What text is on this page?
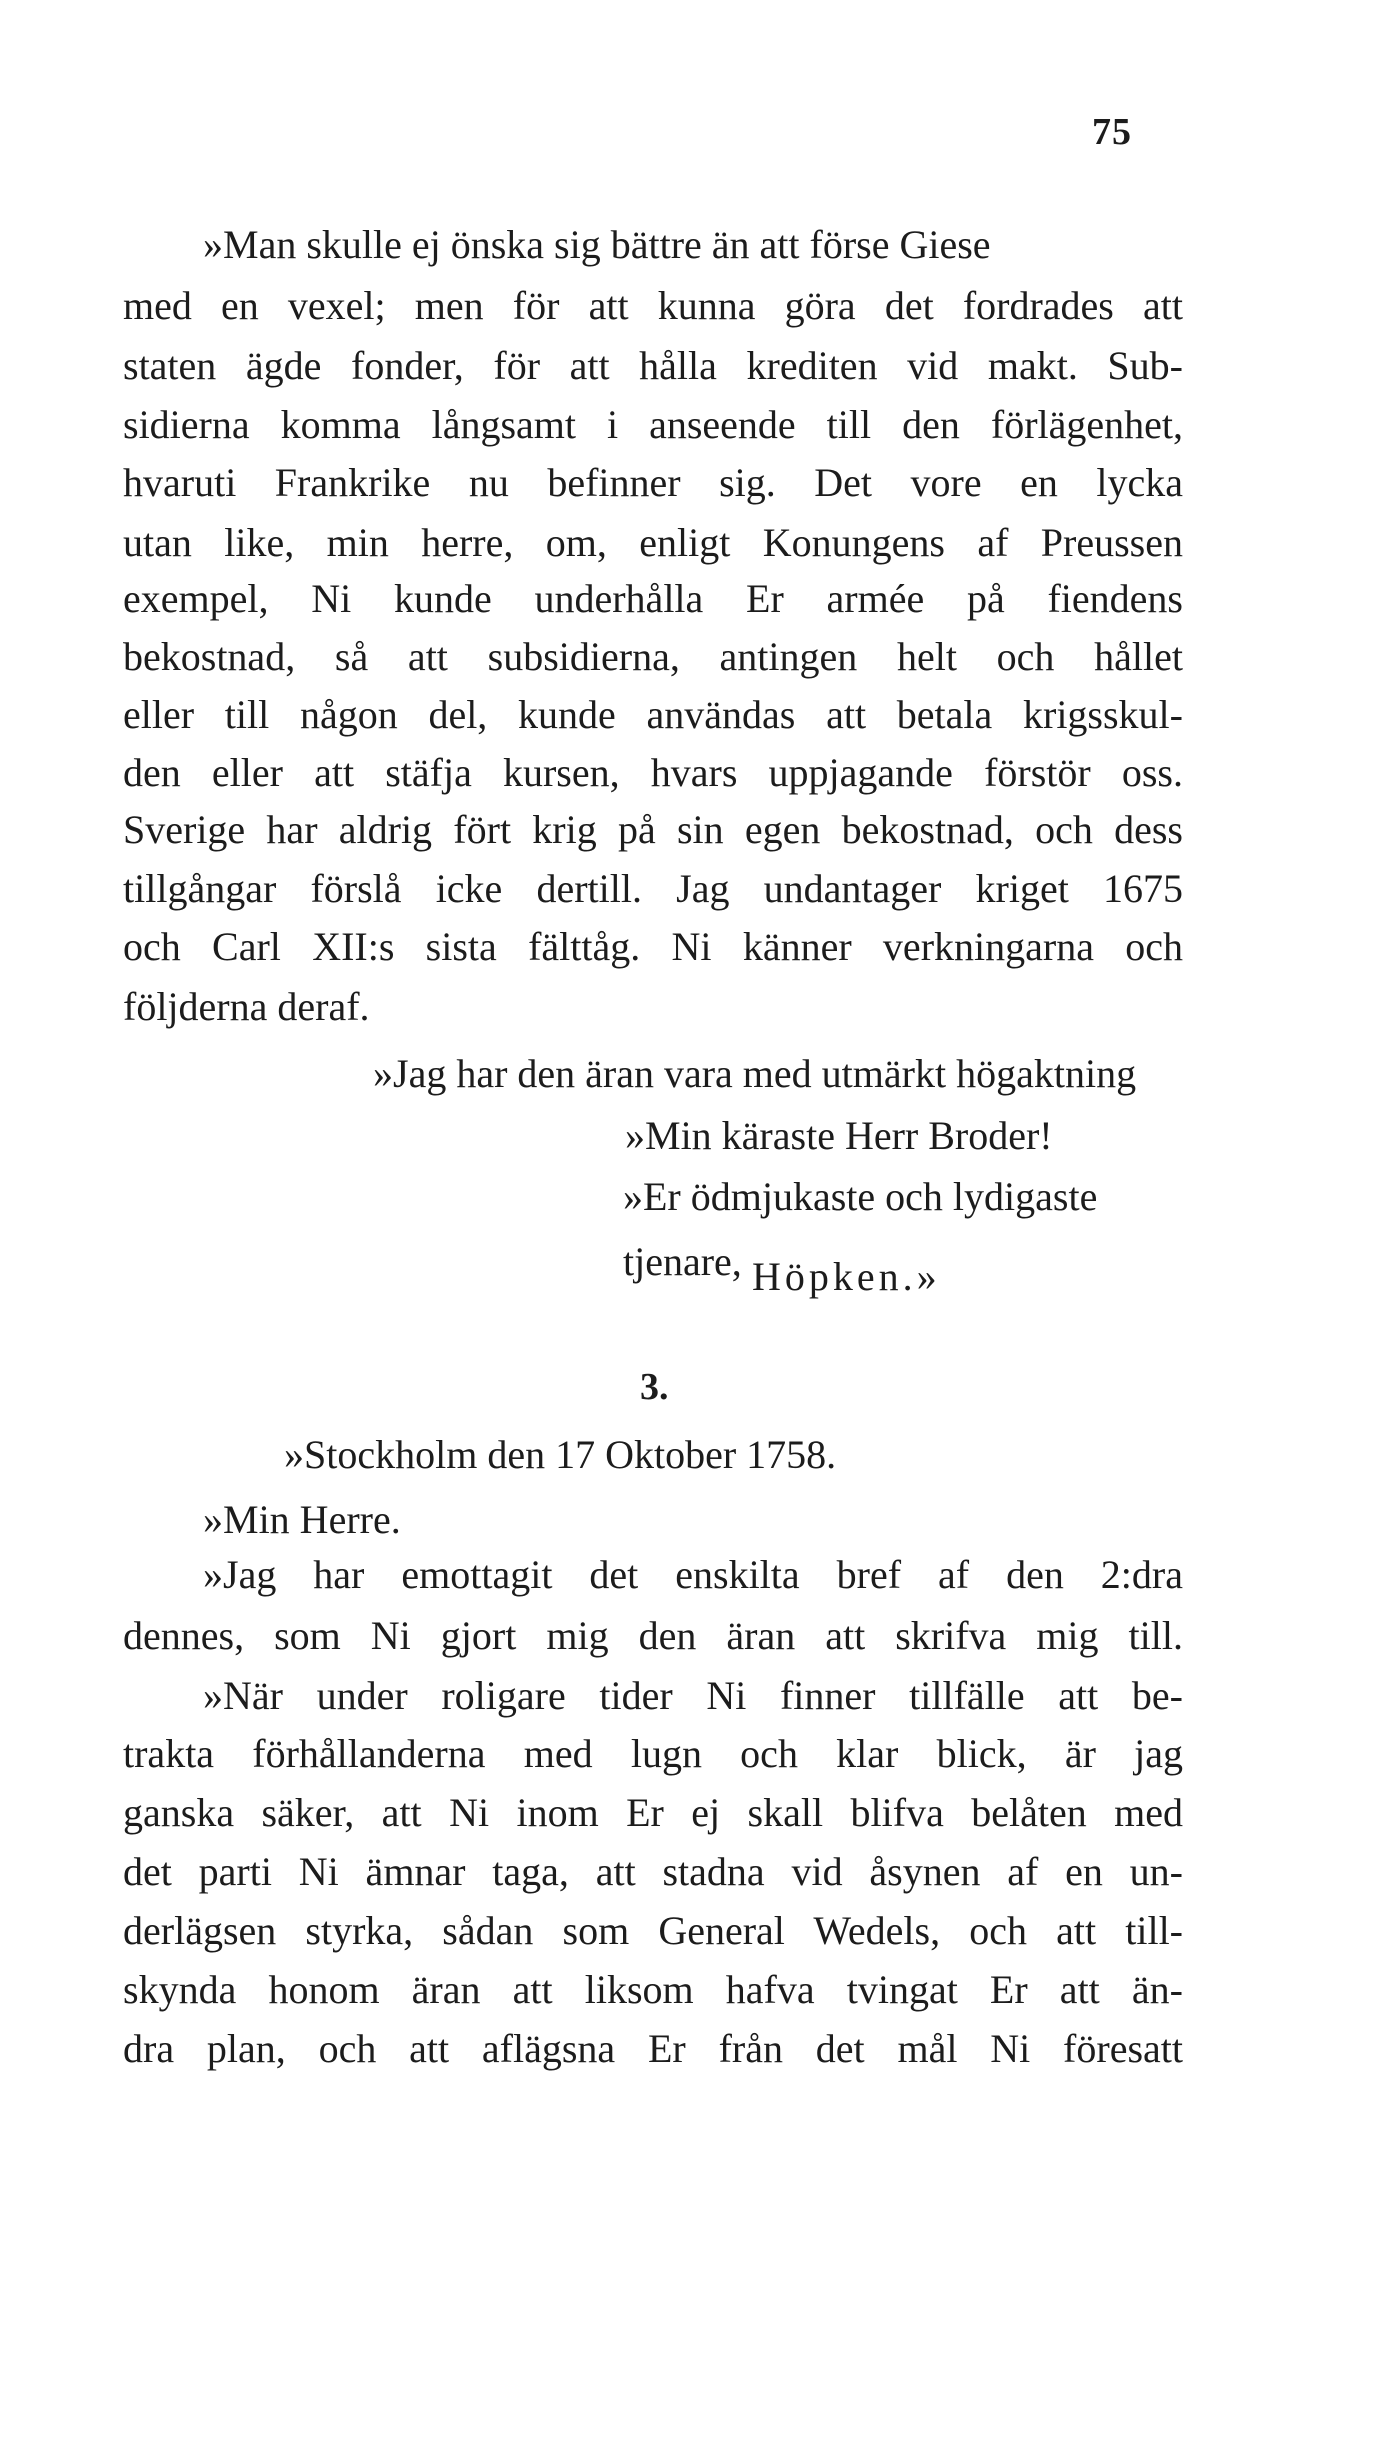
75
»Man skulle ej önska sig bättre än att förse Giese
med en vexel; men för att kunna göra det fordrades att
staten ägde fonder, för att hålla krediten vid makt. Sub-
sidierna komma långsamt i anseende till den förlägenhet,
hvaruti Frankrike nu befinner sig. Det vore en lycka
utan like, min herre, om, enligt Konungens af Preussen
exempel, Ni kunde underhålla Er armée på fiendens
bekostnad, så att subsidierna, antingen helt och hållet
eller till någon del, kunde användas att betala krigsskul-
den eller att stäfja kursen, hvars uppjagande förstör oss.
Sverige har aldrig fört krig på sin egen bekostnad, och dess
tillgångar förslå icke dertill. Jag undantager kriget 1675
och Carl XII:s sista fälttåg. Ni känner verkningarna och
följderna deraf.
»Jag har den äran vara med utmärkt högaktning
»Min käraste Herr Broder!
»Er ödmjukaste och lydigaste
tjenare, Höpken.»
3.
»Stockholm den 17 Oktober 1758.
»Min Herre.
»Jag har emottagit det enskilta bref af den 2:dra
dennes, som Ni gjort mig den äran att skrifva mig till.
»När under roligare tider Ni finner tillfälle att be-
trakta förhållanderna med lugn och klar blick, är jag
ganska säker, att Ni inom Er ej skall blifva belåten med
det parti Ni ämnar taga, att stadna vid åsynen af en un-
derlägsen styrka, sådan som General Wedels, och att till-
skynda honom äran att liksom hafva tvingat Er att än-
dra plan, och att aflägsna Er från det mål Ni föresatt
